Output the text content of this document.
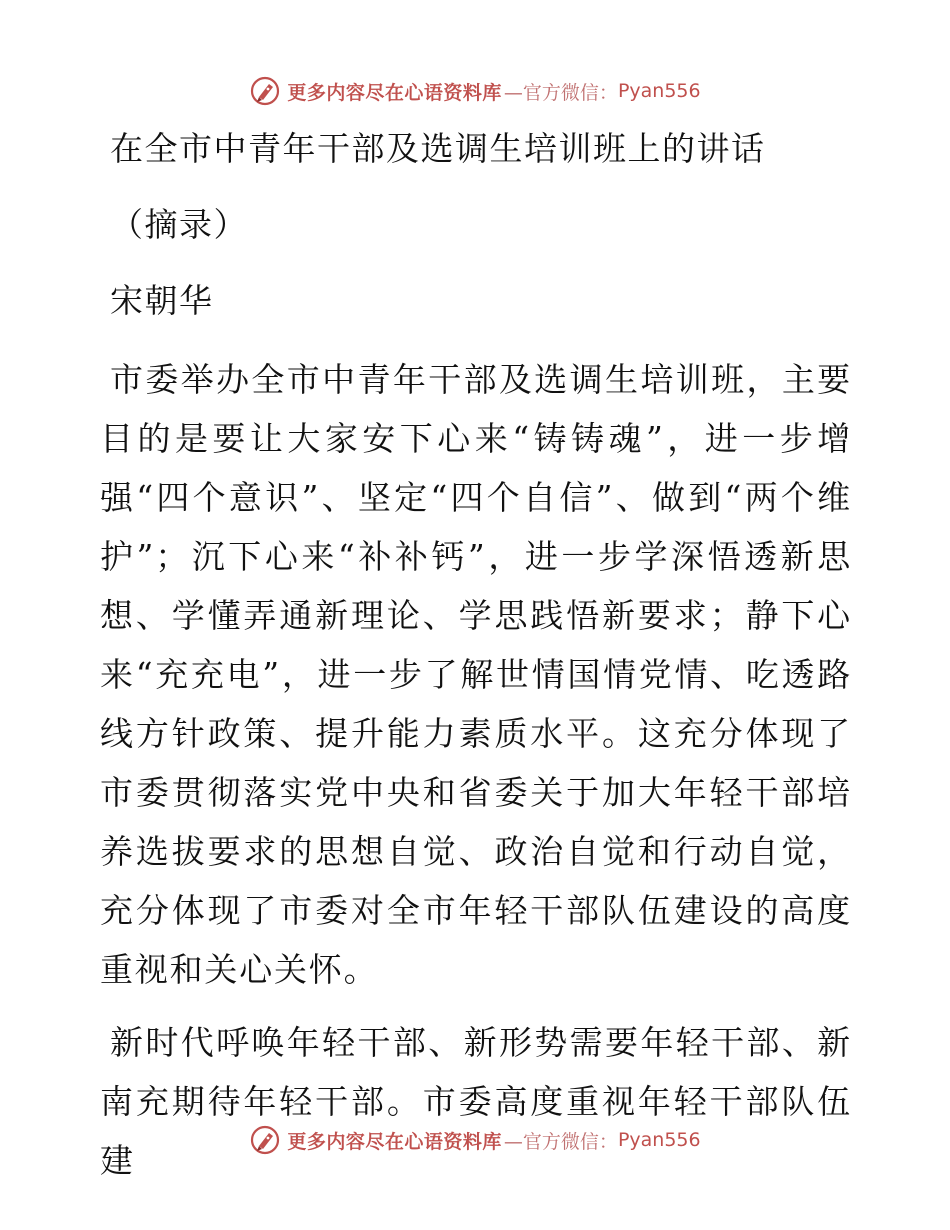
更多内容尽在心语资料库 —官方微信： Pyan556
在全市中青年干部及选调生培训班上的讲话
（摘录）
宋朝华
市委举办全市中青年干部及选调生培训班，主要目的是要让大家安下心来“铸铸魂”，进一步增强“四个意识”、坚定“四个自信”、做到“两个维护”；沉下心来“补补钙”，进一步学深悟透新思想、学懂弄通新理论、学思践悟新要求；静下心来“充充电”，进一步了解世情国情党情、吃透路线方针政策、提升能力素质水平。这充分体现了市委贯彻落实党中央和省委关于加大年轻干部培养选拔要求的思想自觉、政治自觉和行动自觉，充分体现了市委对全市年轻干部队伍建设的高度重视和关心关怀。
新时代呼唤年轻干部、新形势需要年轻干部、新南充期待年轻干部。市委高度重视年轻干部队伍建	更多内容尽在心语资料库 —官方微信： Pyan556
